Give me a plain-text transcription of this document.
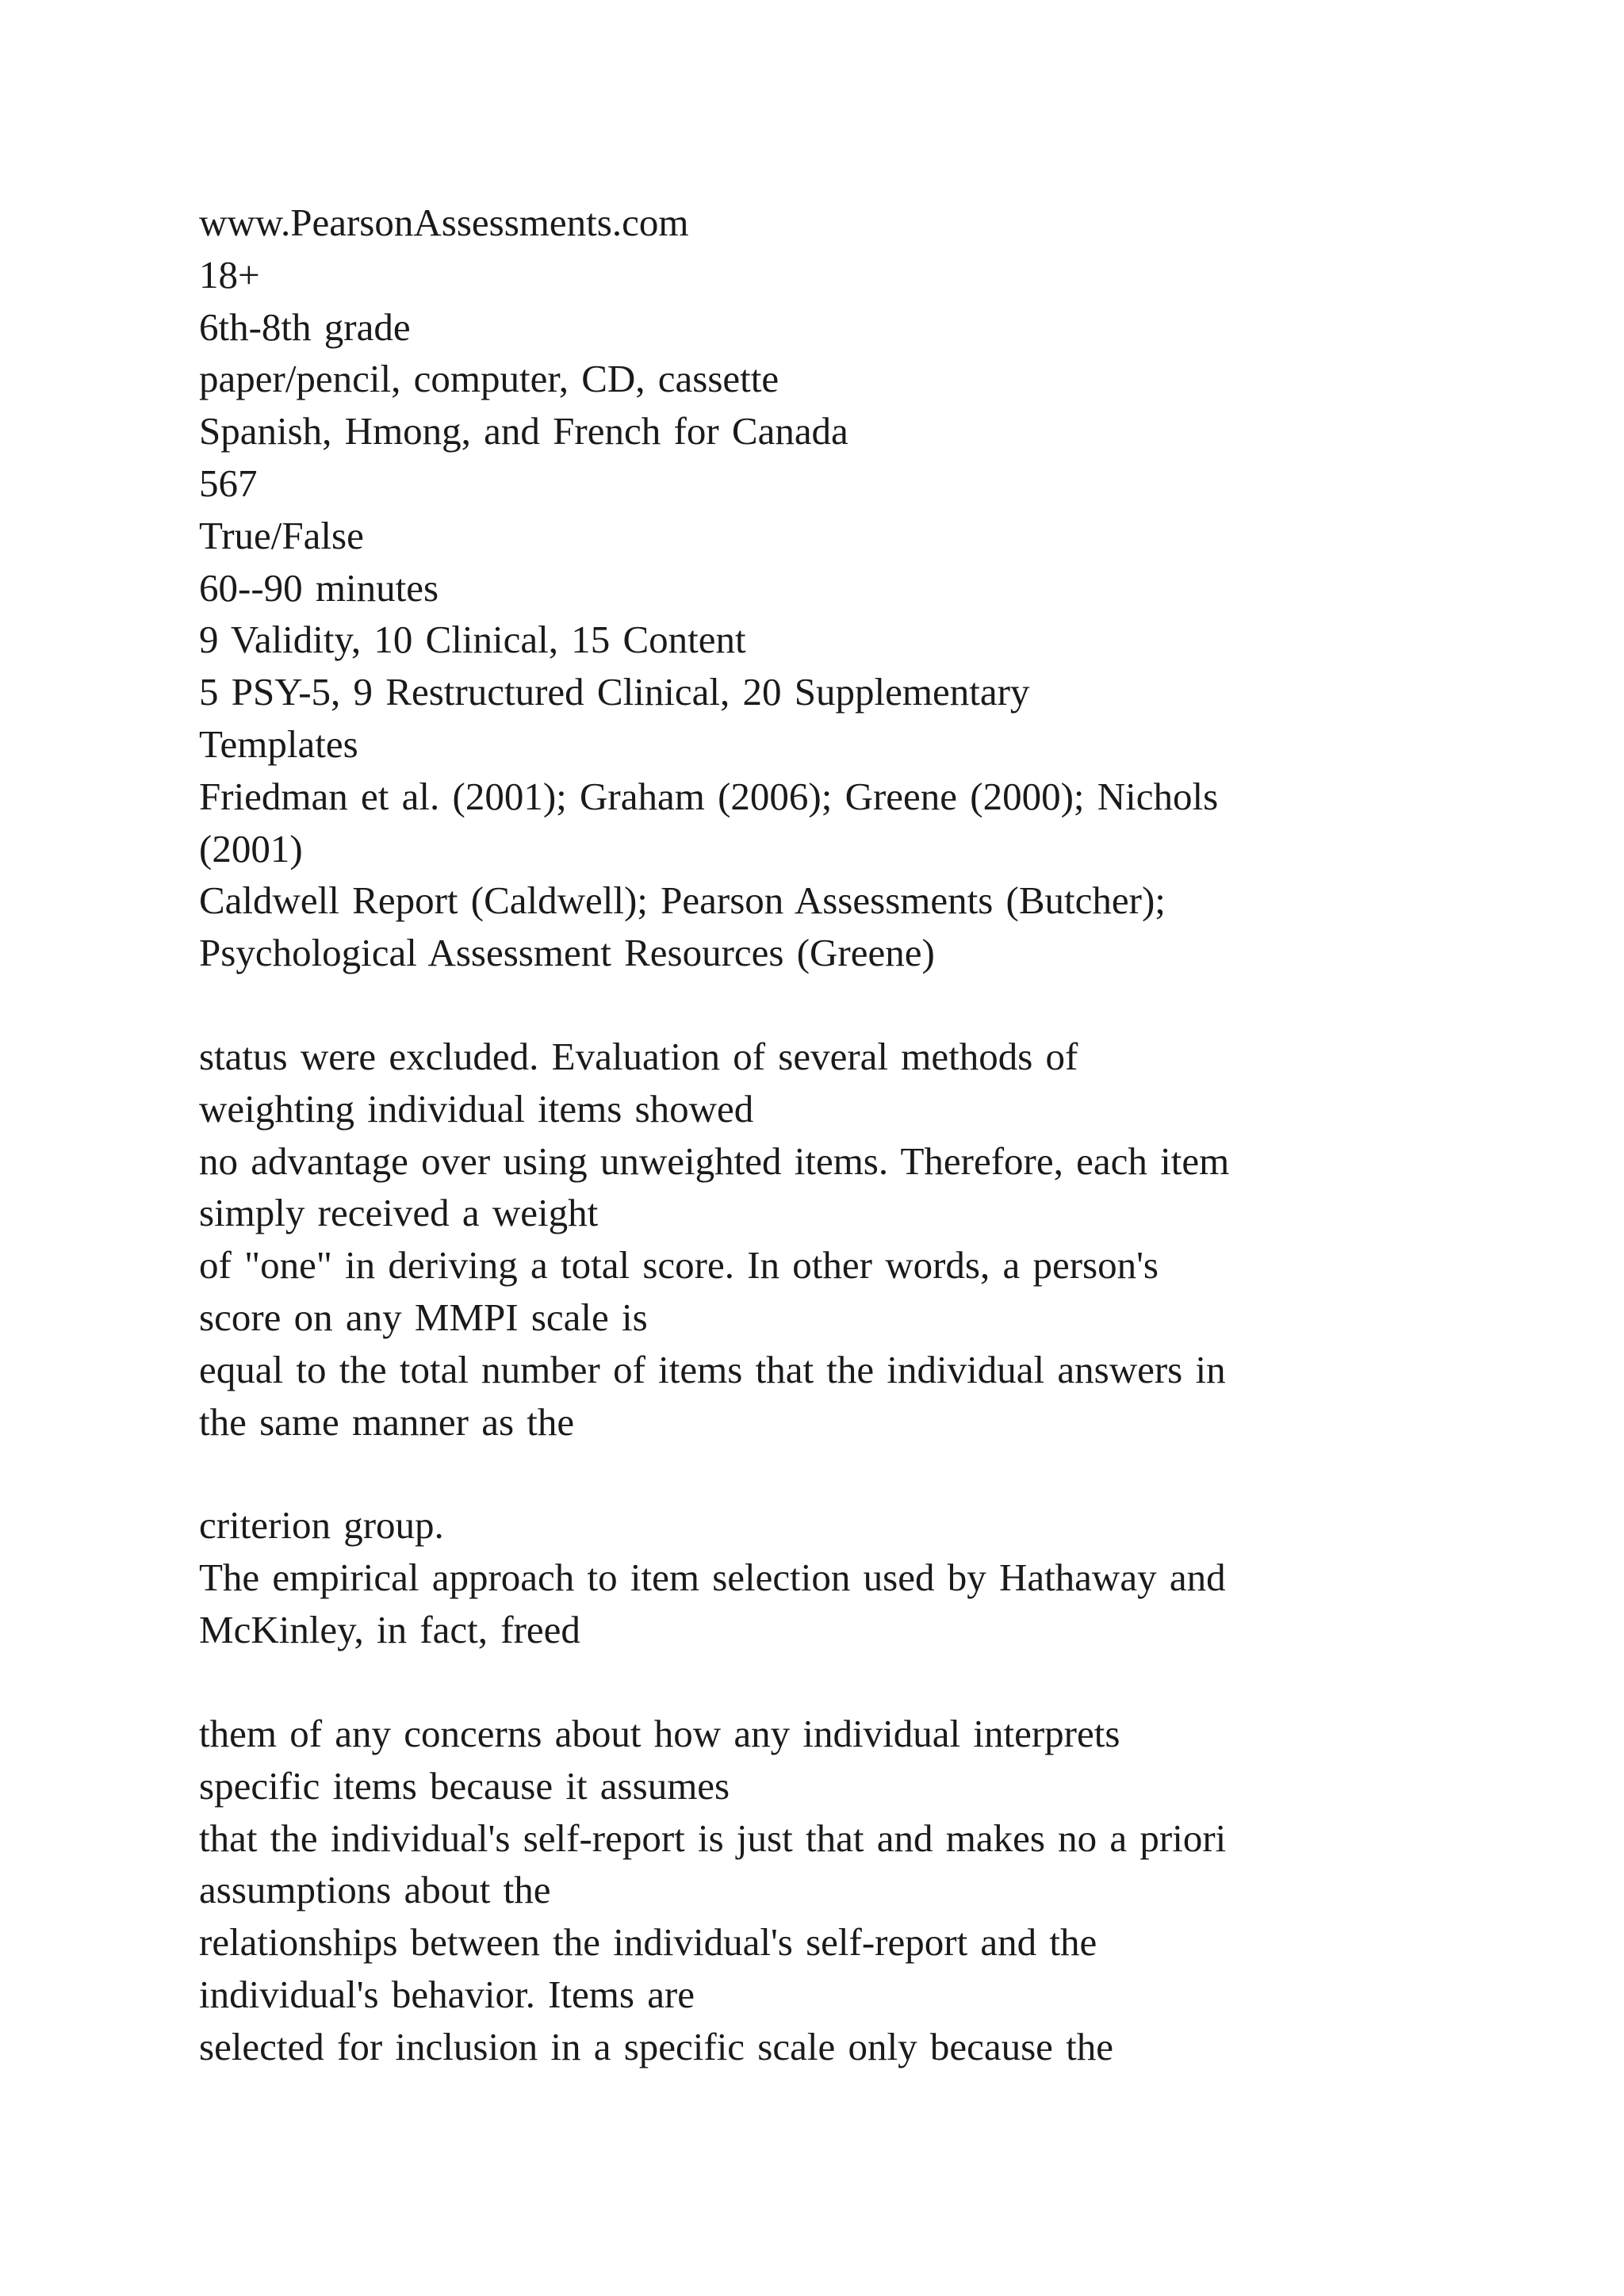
www.PearsonAssessments.com
18+
6th-8th grade
paper/pencil, computer, CD, cassette
Spanish, Hmong, and French for Canada
567
True/False
60--90 minutes
9 Validity, 10 Clinical, 15 Content
5 PSY-5, 9 Restructured Clinical, 20 Supplementary
Templates
Friedman et al. (2001); Graham (2006); Greene (2000); Nichols
(2001)
Caldwell Report (Caldwell); Pearson Assessments (Butcher);
Psychological Assessment Resources (Greene)
status were excluded. Evaluation of several methods of
weighting individual items showed
no advantage over using unweighted items. Therefore, each item
simply received a weight
of "one" in deriving a total score. In other words, a person's
score on any MMPI scale is
equal to the total number of items that the individual answers in
the same manner as the
criterion group.
The empirical approach to item selection used by Hathaway and
McKinley, in fact, freed
them of any concerns about how any individual interprets
specific items because it assumes
that the individual's self-report is just that and makes no a priori
assumptions about the
relationships between the individual's self-report and the
individual's behavior. Items are
selected for inclusion in a specific scale only because the
